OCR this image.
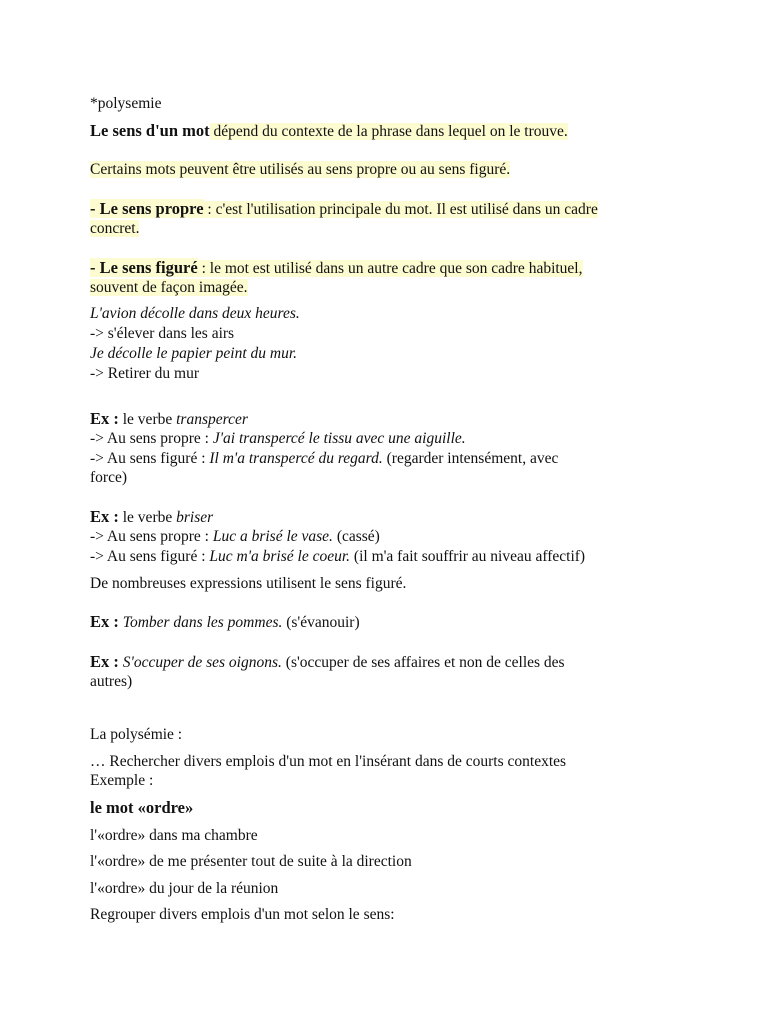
*polysemie
Le sens d'un mot dépend du contexte de la phrase dans lequel on le trouve.
Certains mots peuvent être utilisés au sens propre ou au sens figuré.
- Le sens propre : c'est l'utilisation principale du mot. Il est utilisé dans un cadre
concret.
- Le sens figuré : le mot est utilisé dans un autre cadre que son cadre habituel,
souvent de façon imagée.
L'avion décolle dans deux heures.
-> s'élever dans les airs
Je décolle le papier peint du mur.
-> Retirer du mur
Ex : le verbe transpercer
-> Au sens propre : J'ai transpercé le tissu avec une aiguille.
-> Au sens figuré : Il m'a transpercé du regard. (regarder intensément, avec
force)
Ex : le verbe briser
-> Au sens propre : Luc a brisé le vase. (cassé)
-> Au sens figuré : Luc m'a brisé le coeur. (il m'a fait souffrir au niveau affectif)
De nombreuses expressions utilisent le sens figuré.
Ex : Tomber dans les pommes. (s'évanouir)
Ex : S'occuper de ses oignons. (s'occuper de ses affaires et non de celles des
autres)
La polysémie :
… Rechercher divers emplois d'un mot en l'insérant dans de courts contextes
Exemple :
le mot «ordre»
l'«ordre» dans ma chambre
l'«ordre» de me présenter tout de suite à la direction
l'«ordre» du jour de la réunion
Regrouper divers emplois d'un mot selon le sens:
